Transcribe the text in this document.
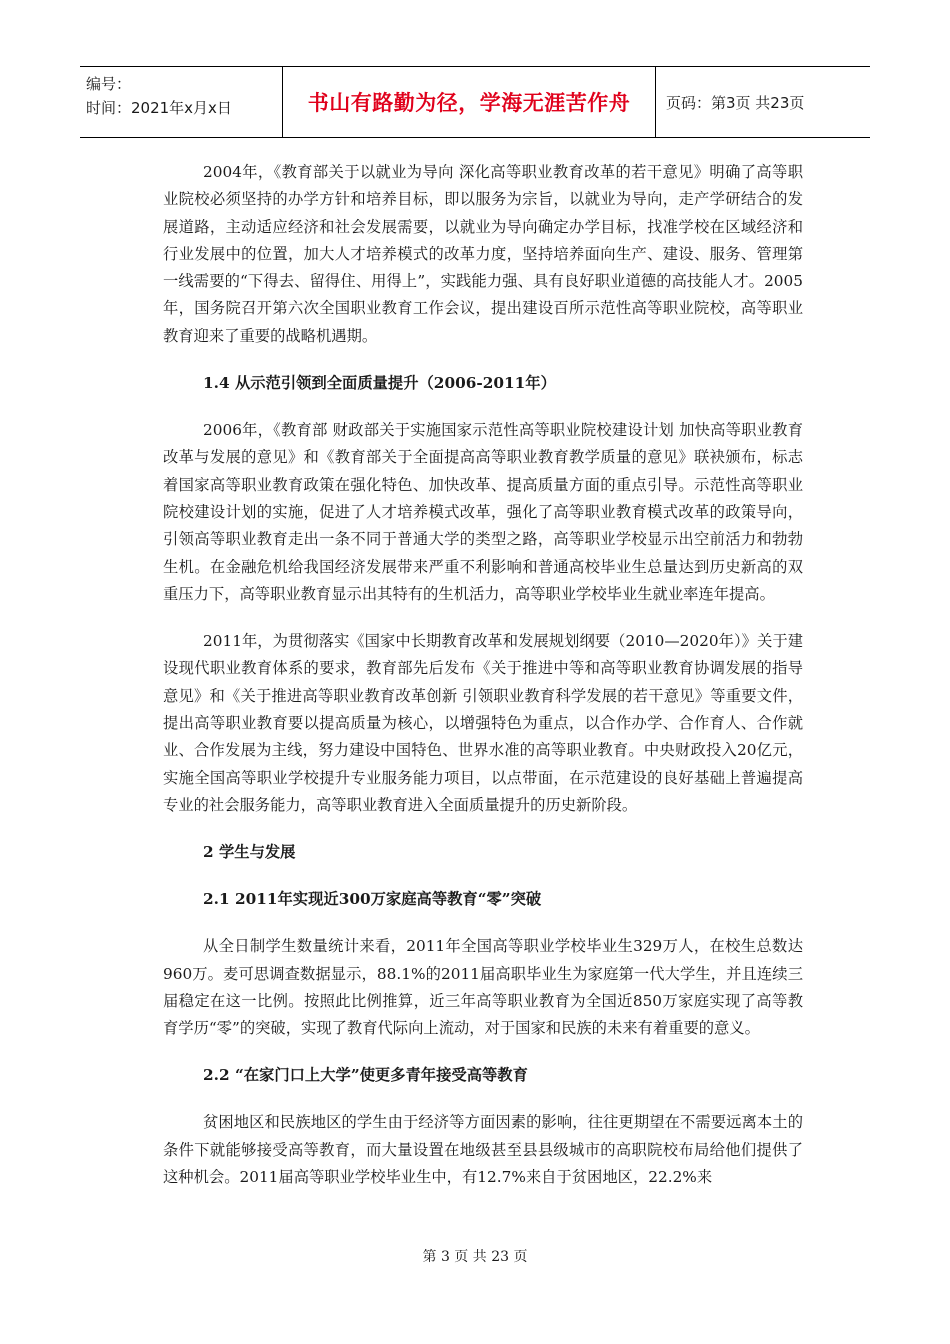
编号：
时间：2021年x月x日	书山有路勤为径，学海无涯苦作舟	页码：第3页 共23页

2004年，《教育部关于以就业为导向 深化高等职业教育改革的若干意见》明确了高等职业院校必须坚持的办学方针和培养目标，即以服务为宗旨，以就业为导向，走产学研结合的发展道路，主动适应经济和社会发展需要，以就业为导向确定办学目标，找准学校在区域经济和行业发展中的位置，加大人才培养模式的改革力度，坚持培养面向生产、建设、服务、管理第一线需要的“下得去、留得住、用得上”，实践能力强、具有良好职业道德的高技能人才。2005年，国务院召开第六次全国职业教育工作会议，提出建设百所示范性高等职业院校，高等职业教育迎来了重要的战略机遇期。

1.4 从示范引领到全面质量提升（2006-2011年）

2006年，《教育部 财政部关于实施国家示范性高等职业院校建设计划 加快高等职业教育改革与发展的意见》和《教育部关于全面提高高等职业教育教学质量的意见》联袂颁布，标志着国家高等职业教育政策在强化特色、加快改革、提高质量方面的重点引导。示范性高等职业院校建设计划的实施，促进了人才培养模式改革，强化了高等职业教育模式改革的政策导向，引领高等职业教育走出一条不同于普通大学的类型之路，高等职业学校显示出空前活力和勃勃生机。在金融危机给我国经济发展带来严重不利影响和普通高校毕业生总量达到历史新高的双重压力下，高等职业教育显示出其特有的生机活力，高等职业学校毕业生就业率连年提高。

2011年，为贯彻落实《国家中长期教育改革和发展规划纲要（2010—2020年）》关于建设现代职业教育体系的要求，教育部先后发布《关于推进中等和高等职业教育协调发展的指导意见》和《关于推进高等职业教育改革创新 引领职业教育科学发展的若干意见》等重要文件，提出高等职业教育要以提高质量为核心，以增强特色为重点，以合作办学、合作育人、合作就业、合作发展为主线，努力建设中国特色、世界水准的高等职业教育。中央财政投入20亿元，实施全国高等职业学校提升专业服务能力项目，以点带面，在示范建设的良好基础上普遍提高专业的社会服务能力，高等职业教育进入全面质量提升的历史新阶段。

2 学生与发展
2.1 2011年实现近300万家庭高等教育“零”突破

从全日制学生数量统计来看，2011年全国高等职业学校毕业生329万人，在校生总数达960万。麦可思调查数据显示，88.1%的2011届高职毕业生为家庭第一代大学生，并且连续三届稳定在这一比例。按照此比例推算，近三年高等职业教育为全国近850万家庭实现了高等教育学历“零”的突破，实现了教育代际向上流动，对于国家和民族的未来有着重要的意义。

2.2 “在家门口上大学”使更多青年接受高等教育

贫困地区和民族地区的学生由于经济等方面因素的影响，往往更期望在不需要远离本土的条件下就能够接受高等教育，而大量设置在地级甚至县县级城市的高职院校布局给他们提供了这种机会。2011届高等职业学校毕业生中，有12.7%来自于贫困地区，22.2%来

第 3 页 共 23 页
